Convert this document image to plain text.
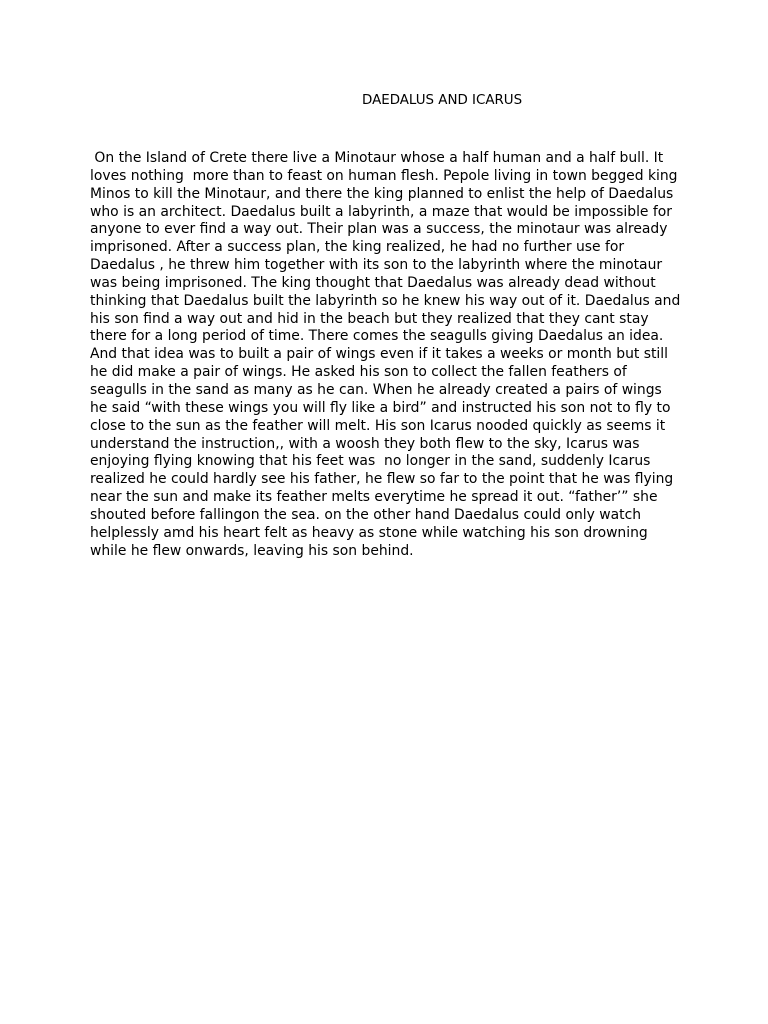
DAEDALUS AND ICARUS
On the Island of Crete there live a Minotaur whose a half human and a half bull. It
loves nothing  more than to feast on human flesh. Pepole living in town begged king
Minos to kill the Minotaur, and there the king planned to enlist the help of Daedalus
who is an architect. Daedalus built a labyrinth, a maze that would be impossible for
anyone to ever find a way out. Their plan was a success, the minotaur was already
imprisoned. After a success plan, the king realized, he had no further use for
Daedalus , he threw him together with its son to the labyrinth where the minotaur
was being imprisoned. The king thought that Daedalus was already dead without
thinking that Daedalus built the labyrinth so he knew his way out of it. Daedalus and
his son find a way out and hid in the beach but they realized that they cant stay
there for a long period of time. There comes the seagulls giving Daedalus an idea.
And that idea was to built a pair of wings even if it takes a weeks or month but still
he did make a pair of wings. He asked his son to collect the fallen feathers of
seagulls in the sand as many as he can. When he already created a pairs of wings
he said “with these wings you will fly like a bird” and instructed his son not to fly to
close to the sun as the feather will melt. His son Icarus nooded quickly as seems it
understand the instruction,, with a woosh they both flew to the sky, Icarus was
enjoying flying knowing that his feet was  no longer in the sand, suddenly Icarus
realized he could hardly see his father, he flew so far to the point that he was flying
near the sun and make its feather melts everytime he spread it out. “father’” she
shouted before fallingon the sea. on the other hand Daedalus could only watch
helplessly amd his heart felt as heavy as stone while watching his son drowning
while he flew onwards, leaving his son behind.
